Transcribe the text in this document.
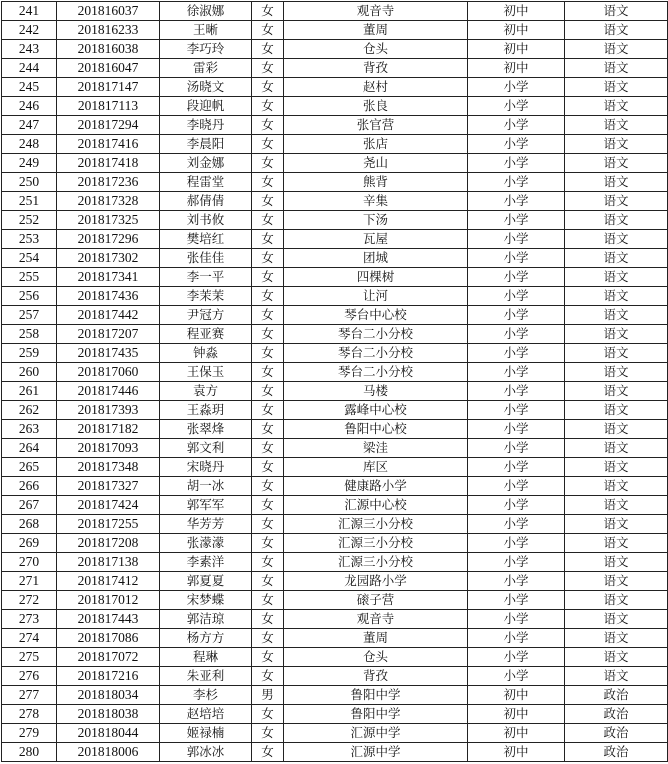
241	201816037	徐淑娜	女	观音寺	初中	语文
242	201816233	王晰	女	董周	初中	语文
243	201816038	李巧玲	女	仓头	初中	语文
244	201816047	雷彩	女	背孜	初中	语文
245	201817147	汤晓文	女	赵村	小学	语文
246	201817113	段迎帆	女	张良	小学	语文
247	201817294	李晓丹	女	张官营	小学	语文
248	201817416	李晨阳	女	张店	小学	语文
249	201817418	刘金娜	女	尧山	小学	语文
250	201817236	程雷堂	女	熊背	小学	语文
251	201817328	郝倩倩	女	辛集	小学	语文
252	201817325	刘书攸	女	下汤	小学	语文
253	201817296	樊培红	女	瓦屋	小学	语文
254	201817302	张佳佳	女	团城	小学	语文
255	201817341	李一平	女	四棵树	小学	语文
256	201817436	李茉茉	女	让河	小学	语文
257	201817442	尹冠方	女	琴台中心校	小学	语文
258	201817207	程亚赛	女	琴台二小分校	小学	语文
259	201817435	钟淼	女	琴台二小分校	小学	语文
260	201817060	王保玉	女	琴台二小分校	小学	语文
261	201817446	袁方	女	马楼	小学	语文
262	201817393	王淼玥	女	露峰中心校	小学	语文
263	201817182	张翠烽	女	鲁阳中心校	小学	语文
264	201817093	郭文利	女	梁洼	小学	语文
265	201817348	宋晓丹	女	库区	小学	语文
266	201817327	胡一冰	女	健康路小学	小学	语文
267	201817424	郭军军	女	汇源中心校	小学	语文
268	201817255	华芳芳	女	汇源三小分校	小学	语文
269	201817208	张濛濛	女	汇源三小分校	小学	语文
270	201817138	李素洋	女	汇源三小分校	小学	语文
271	201817412	郭夏夏	女	龙园路小学	小学	语文
272	201817012	宋梦蝶	女	磙子营	小学	语文
273	201817443	郭洁琼	女	观音寺	小学	语文
274	201817086	杨方方	女	董周	小学	语文
275	201817072	程琳	女	仓头	小学	语文
276	201817216	朱亚利	女	背孜	小学	语文
277	201818034	李杉	男	鲁阳中学	初中	政治
278	201818038	赵培培	女	鲁阳中学	初中	政治
279	201818044	姬禄楠	女	汇源中学	初中	政治
280	201818006	郭冰冰	女	汇源中学	初中	政治
